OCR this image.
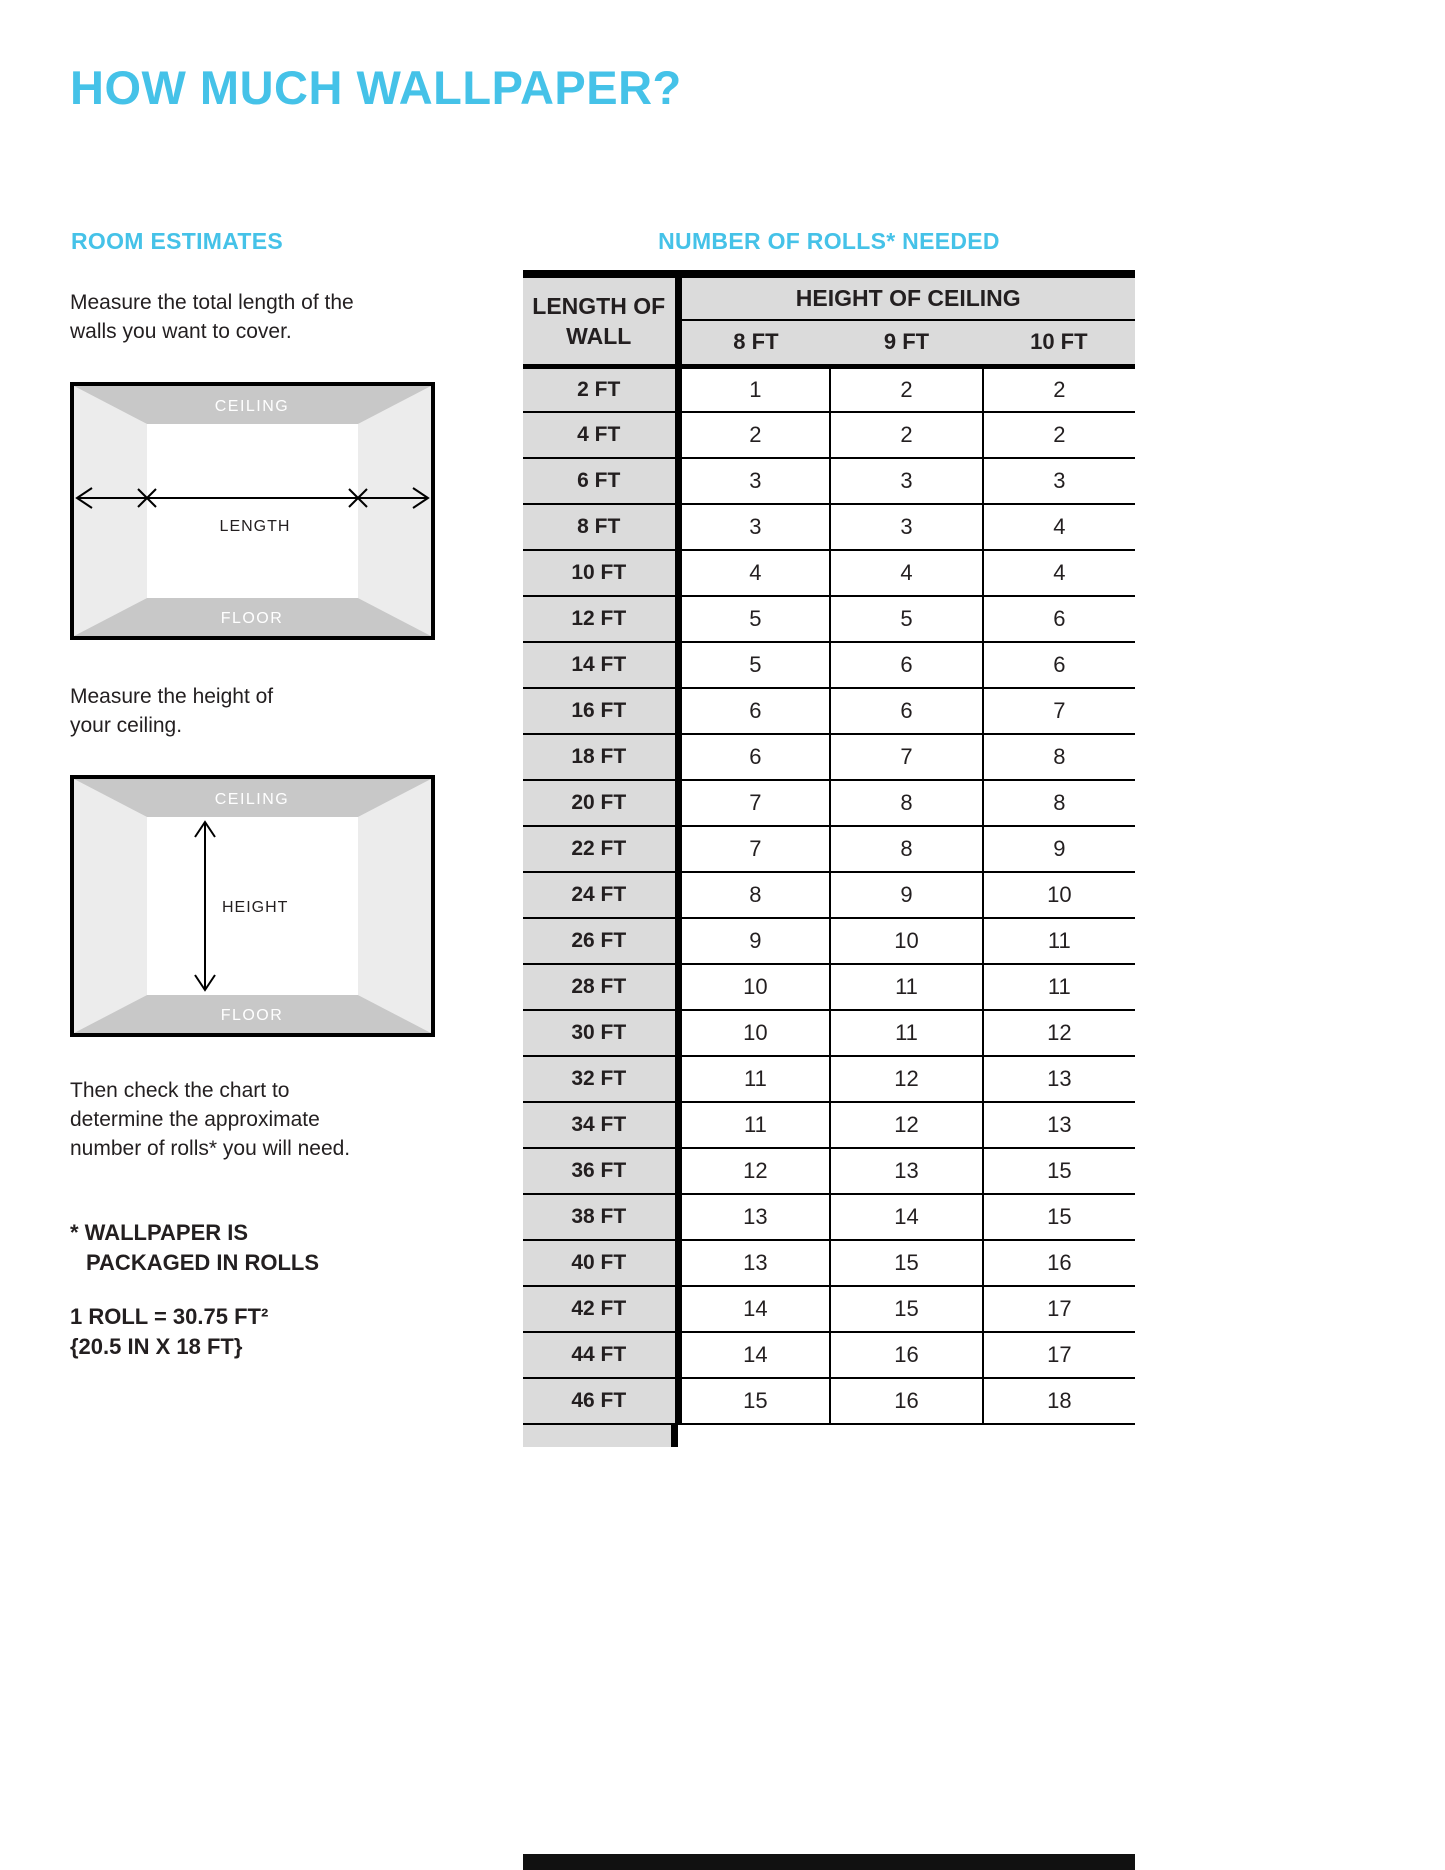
HOW MUCH WALLPAPER?
ROOM ESTIMATES	NUMBER OF ROLLS* NEEDED

Measure the total length of the walls you want to cover.

CEILING
FLOOR
LENGTH

Measure the height of your ceiling.

CEILING
FLOOR
HEIGHT

Then check the chart to determine the approximate number of rolls* you will need.

* WALLPAPER IS
PACKAGED IN ROLLS
1 ROLL = 30.75 FT²
{20.5 IN X 18 FT}
LENGTH OF WALL	HEIGHT OF CEILING		
	8 FT	9 FT	10 FT
2 FT	1	2	2
4 FT	2	2	2
6 FT	3	3	3
8 FT	3	3	4
10 FT	4	4	4
12 FT	5	5	6
14 FT	5	6	6
16 FT	6	6	7
18 FT	6	7	8
20 FT	7	8	8
22 FT	7	8	9
24 FT	8	9	10
26 FT	9	10	11
28 FT	10	11	11
30 FT	10	11	12
32 FT	11	12	13
34 FT	11	12	13
36 FT	12	13	15
38 FT	13	14	15
40 FT	13	15	16
42 FT	14	15	17
44 FT	14	16	17
46 FT	15	16	18
